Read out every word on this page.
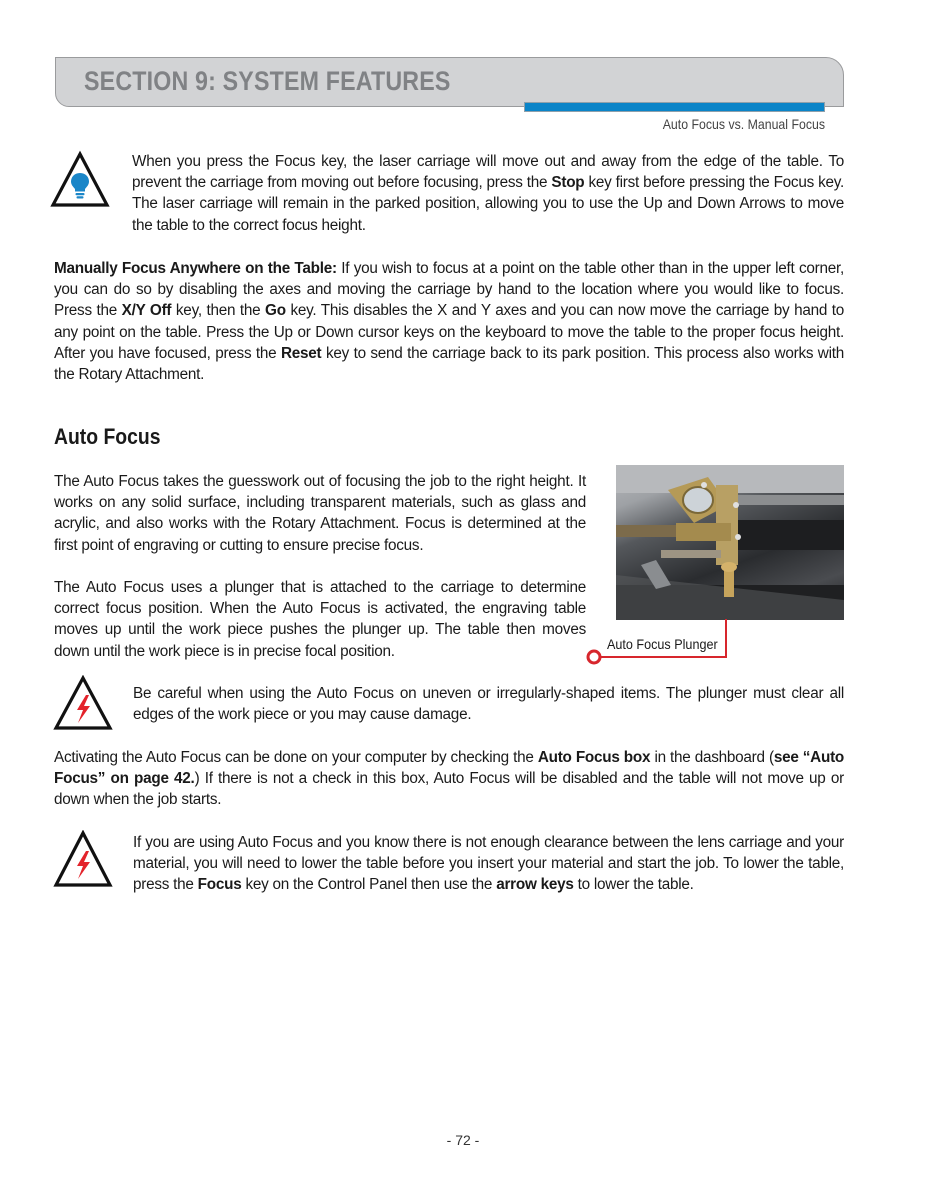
SECTION 9: SYSTEM FEATURES
Auto Focus vs. Manual Focus
When you press the Focus key, the laser carriage will move out and away from the edge of the table. To prevent the carriage from moving out before focusing, press the Stop key first before pressing the Focus key. The laser carriage will remain in the parked position, allowing you to use the Up and Down Arrows to move the table to the correct focus height.
Manually Focus Anywhere on the Table: If you wish to focus at a point on the table other than in the upper left corner, you can do so by disabling the axes and moving the carriage by hand to the location where you would like to focus. Press the X/Y Off key, then the Go key. This disables the X and Y axes and you can now move the carriage by hand to any point on the table. Press the Up or Down cursor keys on the keyboard to move the table to the proper focus height. After you have focused, press the Reset key to send the carriage back to its park position. This process also works with the Rotary Attachment.
Auto Focus
The Auto Focus takes the guesswork out of focusing the job to the right height. It works on any solid surface, including transparent materials, such as glass and acrylic, and also works with the Rotary Attachment. Focus is determined at the first point of engraving or cutting to ensure precise focus.
The Auto Focus uses a plunger that is attached to the carriage to determine correct focus position. When the Auto Focus is activated, the engraving table moves up until the work piece pushes the plunger up. The table then moves down until the work piece is in precise focal position.	Auto Focus Plunger
Be careful when using the Auto Focus on uneven or irregularly-shaped items. The plunger must clear all edges of the work piece or you may cause damage.
Activating the Auto Focus can be done on your computer by checking the Auto Focus box in the dashboard (see “Auto Focus” on page 42.) If there is not a check in this box, Auto Focus will be disabled and the table will not move up or down when the job starts.
If you are using Auto Focus and you know there is not enough clearance between the lens carriage and your material, you will need to lower the table before you insert your material and start the job. To lower the table, press the Focus key on the Control Panel then use the arrow keys to lower the table.
- 72 -
